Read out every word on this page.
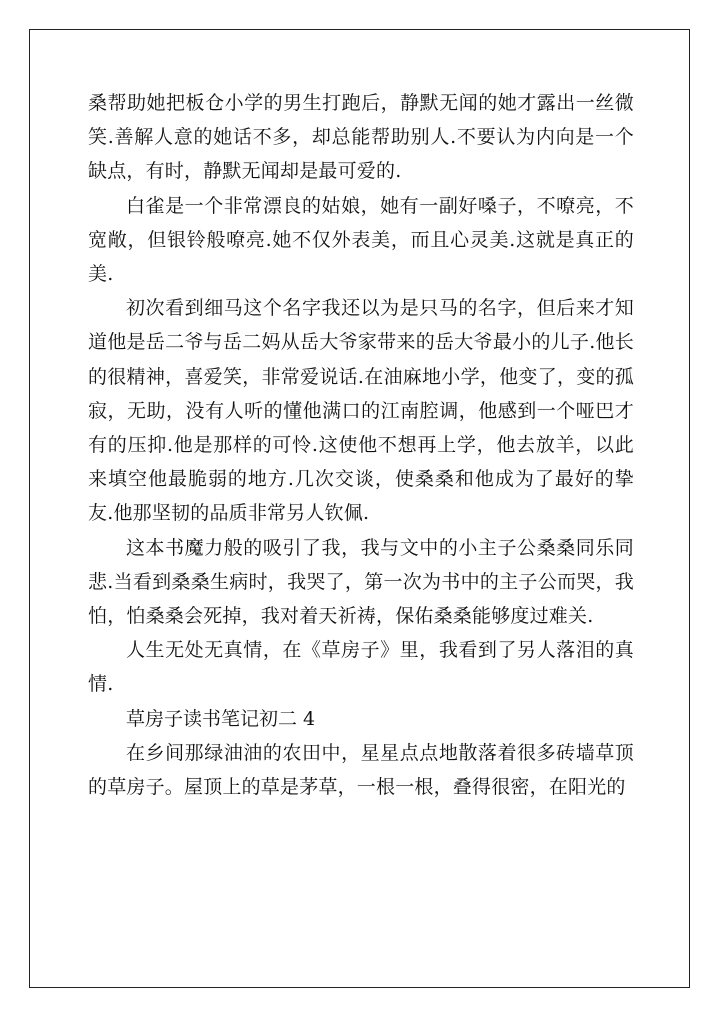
桑帮助她把板仓小学的男生打跑后，静默无闻的她才露出一丝微笑.善解人意的她话不多，却总能帮助别人.不要认为内向是一个缺点，有时，静默无闻却是最可爱的.

白雀是一个非常漂良的姑娘，她有一副好嗓子，不嘹亮，不宽敞，但银铃般嘹亮.她不仅外表美，而且心灵美.这就是真正的美.

初次看到细马这个名字我还以为是只马的名字，但后来才知道他是岳二爷与岳二妈从岳大爷家带来的岳大爷最小的儿子.他长的很精神，喜爱笑，非常爱说话.在油麻地小学，他变了，变的孤寂，无助，没有人听的懂他满口的江南腔调，他感到一个哑巴才有的压抑.他是那样的可怜.这使他不想再上学，他去放羊，以此来填空他最脆弱的地方.几次交谈，使桑桑和他成为了最好的挚友.他那坚韧的品质非常另人钦佩.

这本书魔力般的吸引了我，我与文中的小主子公桑桑同乐同悲.当看到桑桑生病时，我哭了，第一次为书中的主子公而哭，我怕，怕桑桑会死掉，我对着天祈祷，保佑桑桑能够度过难关.

人生无处无真情，在《草房子》里，我看到了另人落泪的真情.

草房子读书笔记初二 4

在乡间那绿油油的农田中，星星点点地散落着很多砖墙草顶的草房子。屋顶上的草是茅草，一根一根，叠得很密，在阳光的
